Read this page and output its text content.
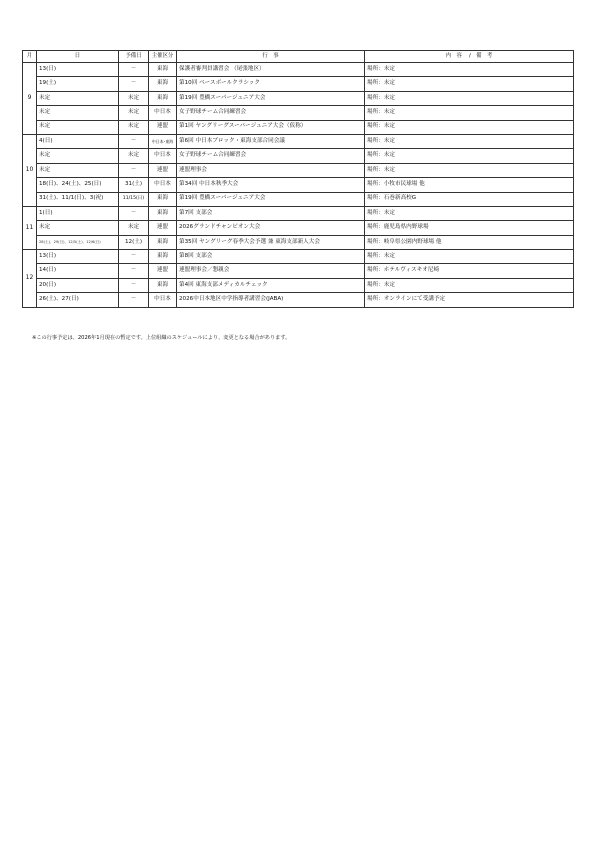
月	日	予備日	主催区分	行　事	内　容　 /　備　考
9	13(日)	－	東海	保護者審判員講習会 （尾張地区）	場所：未定
	19(土)	－	東海	第10回 ベースボールクラシック	場所：未定
	未定	未定	東海	第19回 豊橋スーパージュニア大会	場所：未定
	未定	未定	中日本	女子野球チーム合同練習会	場所：未定
	未定	未定	連盟	第1回 ヤングリーグスーパージュニア大会（仮称）	場所：未定
10	4(日)	－	中日本･東海	第6回 中日本ブロック・東海支部合同会議	場所：未定
	未定	未定	中日本	女子野球チーム合同練習会	場所：未定
	未定	－	連盟	連盟理事会	場所：未定
	18(日)、24(土)、25(日)	31(土)	中日本	第34回 中日本秋季大会	場所：小牧市民球場 他
	31(土)、11/1(日)、3(祝)	11/15(日)	東海	第19回 豊橋スーパージュニア大会	場所：石巻新高校G
11	1(日)	－	東海	第7回 支部会	場所：未定
	未定	未定	連盟	2026グランドチャンピオン大会	場所：鹿児島県内野球場
	28(土)、29(日)、12/5(土)、12/6(日)	12(土)	東海	第35回 ヤングリーグ春季大会予選 兼 東海支部新人大会	場所：岐阜県公園内野球場 他
12	13(日)	－	東海	第8回 支部会	場所：未定
	14(日)	－	連盟	連盟理事会／懇親会	場所：ホテルヴィスキオ尼崎
	20(日)	－	東海	第4回 東海支部メディカルチェック	場所：未定
	26(土)、27(日)	－	中日本	2026中日本地区中学指導者講習会(JABA)	場所：オンラインにて受講予定
※この行事予定は、2026年1月現在の暫定です。上位組織のスケジュールにより、変更となる場合があります。
